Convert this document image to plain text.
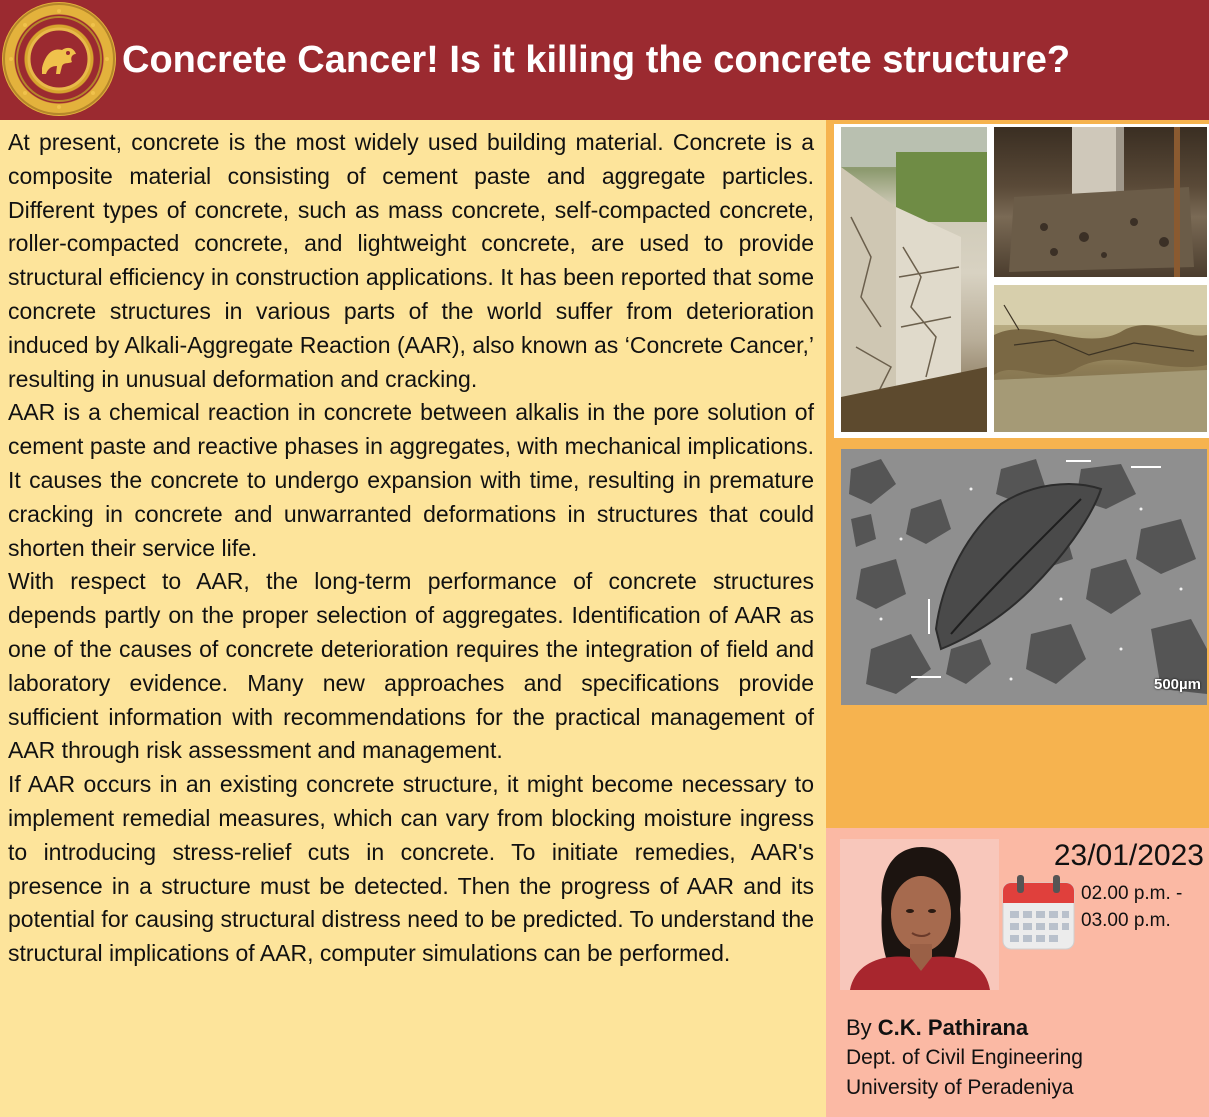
Concrete Cancer! Is it killing the concrete structure?

At present, concrete is the most widely used building material. Concrete is a composite material consisting of cement paste and aggregate particles. Different types of concrete, such as mass concrete, self-compacted concrete, roller-compacted concrete, and lightweight concrete, are used to provide structural efficiency in construction applications. It has been reported that some concrete structures in various parts of the world suffer from deterioration induced by Alkali-Aggregate Reaction (AAR), also known as ‘Concrete Cancer,’ resulting in unusual deformation and cracking.

AAR is a chemical reaction in concrete between alkalis in the pore solution of cement paste and reactive phases in aggregates, with mechanical implications. It causes the concrete to undergo expansion with time, resulting in premature cracking in concrete and unwarranted deformations in structures that could shorten their service life.

With respect to AAR, the long-term performance of concrete structures depends partly on the proper selection of aggregates. Identification of AAR as one of the causes of concrete deterioration requires the integration of field and laboratory evidence. Many new approaches and specifications provide sufficient information with recommendations for the practical management of AAR through risk assessment and management.

If AAR occurs in an existing concrete structure, it might become necessary to implement remedial measures, which can vary from blocking moisture ingress to introducing stress-relief cuts in concrete. To initiate remedies, AAR's presence in a structure must be detected. Then the progress of AAR and its potential for causing structural distress need to be predicted. To understand the structural implications of AAR, computer simulations can be performed.

500µm
23/01/2023
02.00 p.m. -
03.00 p.m.
By C.K. Pathirana
Dept. of Civil Engineering
University of Peradeniya
